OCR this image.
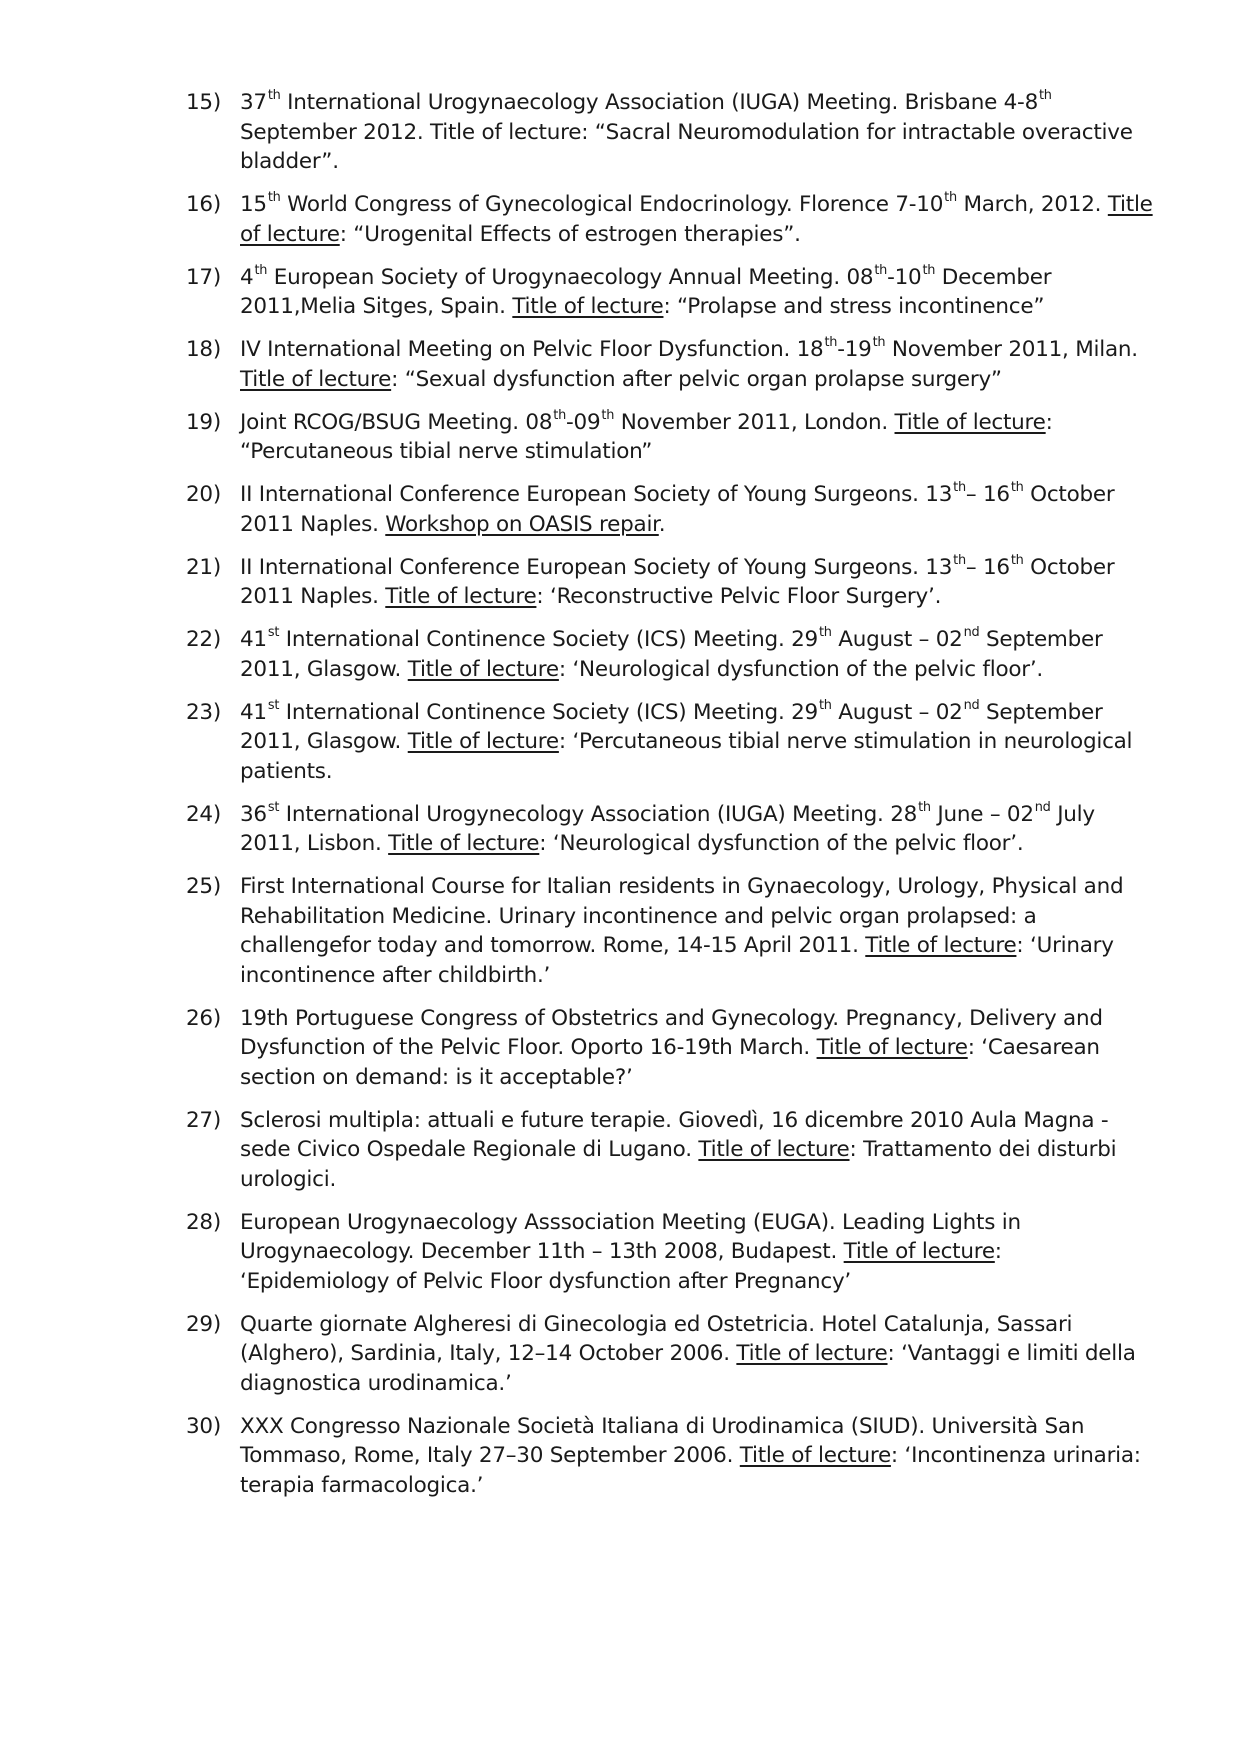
15) 37th International Urogynaecology Association (IUGA) Meeting. Brisbane 4-8th September 2012. Title of lecture: “Sacral Neuromodulation for intractable overactive bladder”.
16) 15th World Congress of Gynecological Endocrinology. Florence 7-10th March, 2012. Title of lecture: “Urogenital Effects of estrogen therapies”.
17) 4th European Society of Urogynaecology Annual Meeting. 08th-10th December 2011,Melia Sitges, Spain. Title of lecture: “Prolapse and stress incontinence”
18) IV International Meeting on Pelvic Floor Dysfunction. 18th-19th November 2011, Milan. Title of lecture: “Sexual dysfunction after pelvic organ prolapse surgery”
19) Joint RCOG/BSUG Meeting. 08th-09th November 2011, London. Title of lecture: “Percutaneous tibial nerve stimulation”
20) II International Conference European Society of Young Surgeons. 13th– 16th October 2011 Naples. Workshop on OASIS repair.
21) II International Conference European Society of Young Surgeons. 13th– 16th October 2011 Naples. Title of lecture: ‘Reconstructive Pelvic Floor Surgery’.
22) 41st International Continence Society (ICS) Meeting. 29th August – 02nd September 2011, Glasgow. Title of lecture: ‘Neurological dysfunction of the pelvic floor’.
23) 41st International Continence Society (ICS) Meeting. 29th August – 02nd September 2011, Glasgow. Title of lecture: ‘Percutaneous tibial nerve stimulation in neurological patients.
24) 36st International Urogynecology Association (IUGA) Meeting. 28th June – 02nd July 2011, Lisbon. Title of lecture: ‘Neurological dysfunction of the pelvic floor’.
25) First International Course for Italian residents in Gynaecology, Urology, Physical and Rehabilitation Medicine. Urinary incontinence and pelvic organ prolapsed: a challengefor today and tomorrow. Rome, 14-15 April 2011. Title of lecture: ‘Urinary incontinence after childbirth.’
26) 19th Portuguese Congress of Obstetrics and Gynecology. Pregnancy, Delivery and Dysfunction of the Pelvic Floor. Oporto 16-19th March. Title of lecture: ‘Caesarean section on demand: is it acceptable?’
27) Sclerosi multipla: attuali e future terapie. Giovedì, 16 dicembre 2010 Aula Magna - sede Civico Ospedale Regionale di Lugano. Title of lecture: Trattamento dei disturbi urologici.
28) European Urogynaecology Asssociation Meeting (EUGA). Leading Lights in Urogynaecology. December 11th – 13th 2008, Budapest. Title of lecture: ‘Epidemiology of Pelvic Floor dysfunction after Pregnancy’
29) Quarte giornate Algheresi di Ginecologia ed Ostetricia. Hotel Catalunja, Sassari (Alghero), Sardinia, Italy, 12–14 October 2006. Title of lecture: ‘Vantaggi e limiti della diagnostica urodinamica.’
30) XXX Congresso Nazionale Società Italiana di Urodinamica (SIUD). Università San Tommaso, Rome, Italy 27–30 September 2006. Title of lecture: ‘Incontinenza urinaria: terapia farmacologica.’
